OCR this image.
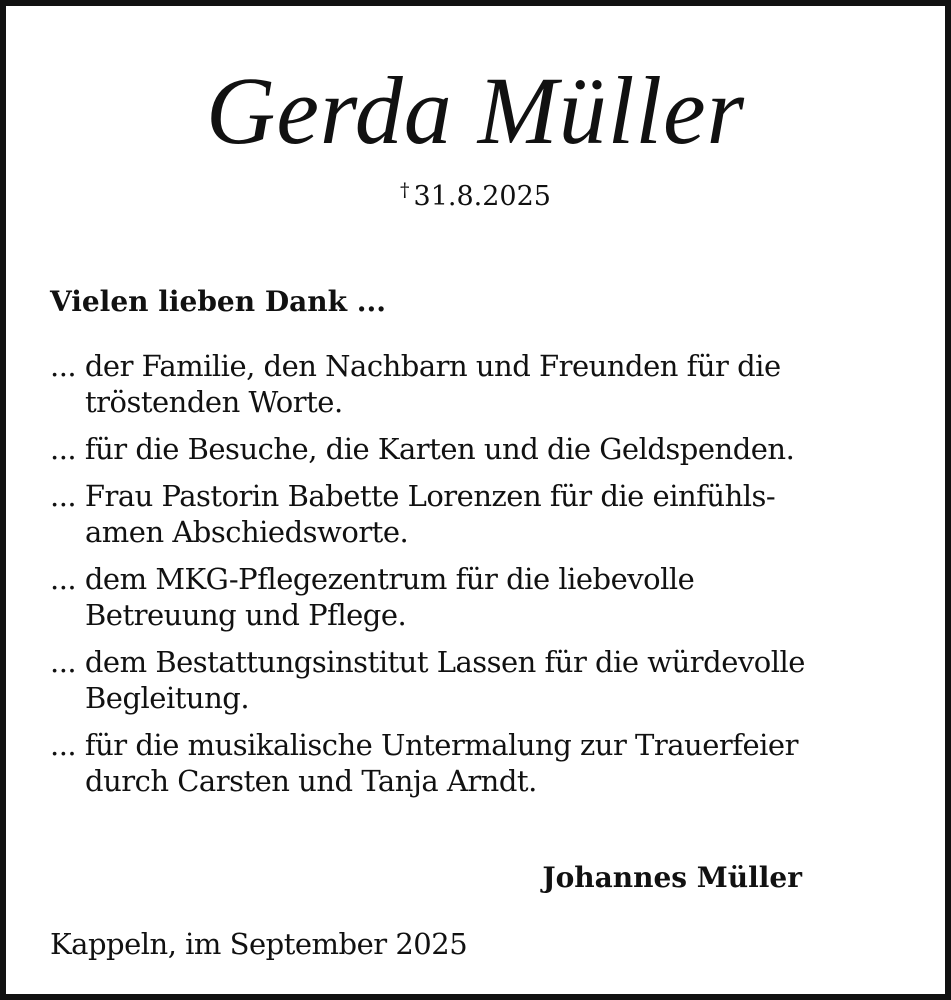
Gerda Müller
† 31.8.2025
Vielen lieben Dank ...
... der Familie, den Nachbarn und Freunden für die
tröstenden Worte.
... für die Besuche, die Karten und die Geldspenden.
... Frau Pastorin Babette Lorenzen für die einfühls-
amen Abschiedsworte.
... dem MKG-Pflegezentrum für die liebevolle
Betreuung und Pflege.
... dem Bestattungsinstitut Lassen für die würdevolle
Begleitung.
... für die musikalische Untermalung zur Trauerfeier
durch Carsten und Tanja Arndt.
Johannes Müller
Kappeln, im September 2025
